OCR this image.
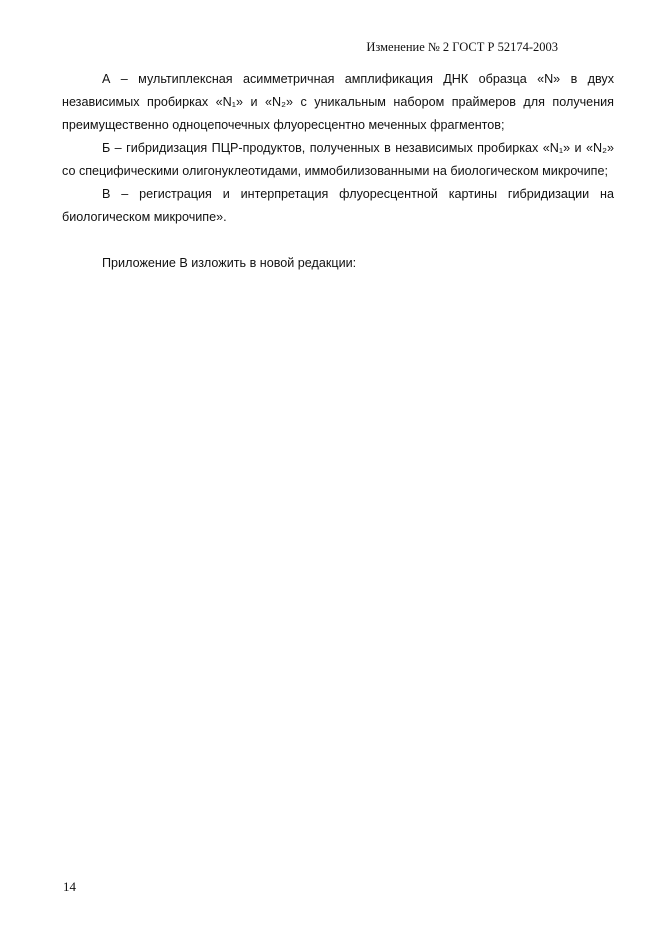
Изменение № 2 ГОСТ Р 52174-2003

А – мультиплексная асимметричная амплификация ДНК образца «N» в двух независимых пробирках «N₁» и «N₂» с уникальным набором праймеров для получения преимущественно одноцепочечных флуоресцентно меченных фрагментов;

Б – гибридизация ПЦР-продуктов, полученных в независимых пробирках «N₁» и «N₂» со специфическими олигонуклеотидами, иммобилизованными на биологическом микрочипе;

В – регистрация и интерпретация флуоресцентной картины гибридизации на биологическом микрочипе».

Приложение В изложить в новой редакции:

14
